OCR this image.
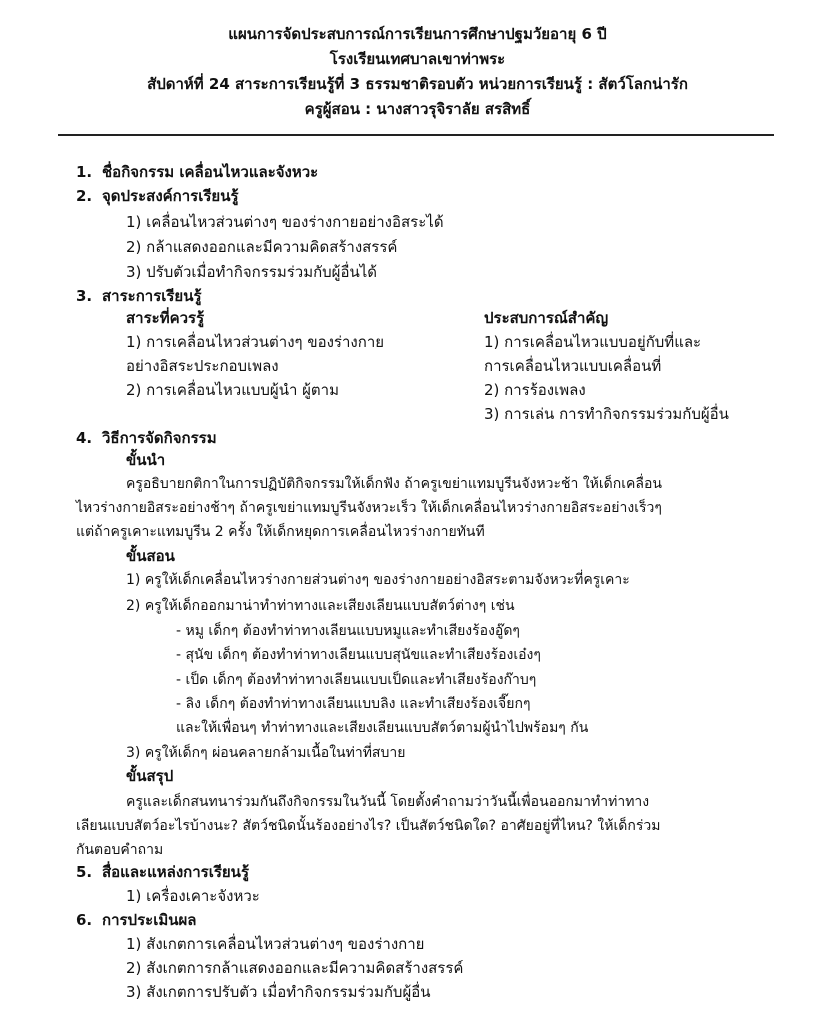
แผนการจัดประสบการณ์การเรียนการศึกษาปฐมวัยอายุ 6 ปี
โรงเรียนเทศบาลเขาท่าพระ
สัปดาห์ที่ 24 สาระการเรียนรู้ที่ 3 ธรรมชาติรอบตัว หน่วยการเรียนรู้ : สัตว์โลกน่ารัก
ครูผู้สอน : นางสาวรุจิราลัย สรสิทธิ์
1. ชื่อกิจกรรม เคลื่อนไหวและจังหวะ
2. จุดประสงค์การเรียนรู้
1) เคลื่อนไหวส่วนต่างๆ ของร่างกายอย่างอิสระได้
2) กล้าแสดงออกและมีความคิดสร้างสรรค์
3) ปรับตัวเมื่อทำกิจกรรมร่วมกับผู้อื่นได้
3. สาระการเรียนรู้
สาระที่ควรรู้
1) การเคลื่อนไหวส่วนต่างๆ ของร่างกาย
อย่างอิสระประกอบเพลง
2) การเคลื่อนไหวแบบผู้นำ ผู้ตาม
ประสบการณ์สำคัญ
1) การเคลื่อนไหวแบบอยู่กับที่และ
การเคลื่อนไหวแบบเคลื่อนที่
2) การร้องเพลง
3) การเล่น การทำกิจกรรมร่วมกับผู้อื่น
4. วิธีการจัดกิจกรรม
ขั้นนำ
ครูอธิบายกติกาในการปฏิบัติกิจกรรมให้เด็กฟัง ถ้าครูเขย่าแทมบูรีนจังหวะช้า ให้เด็กเคลื่อน
ไหวร่างกายอิสระอย่างช้าๆ ถ้าครูเขย่าแทมบูรีนจังหวะเร็ว ให้เด็กเคลื่อนไหวร่างกายอิสระอย่างเร็วๆ
แต่ถ้าครูเคาะแทมบูรีน 2 ครั้ง ให้เด็กหยุดการเคลื่อนไหวร่างกายทันที
ขั้นสอน
1) ครูให้เด็กเคลื่อนไหวร่างกายส่วนต่างๆ ของร่างกายอย่างอิสระตามจังหวะที่ครูเคาะ
2) ครูให้เด็กออกมาน่าทำท่าทางและเสียงเลียนแบบสัตว์ต่างๆ เช่น
- หมู เด็กๆ ต้องทำท่าทางเลียนแบบหมูและทำเสียงร้องอู๊ดๆ
- สุนัข เด็กๆ ต้องทำท่าทางเลียนแบบสุนัขและทำเสียงร้องเอ๋งๆ
- เป็ด เด็กๆ ต้องทำท่าทางเลียนแบบเป็ดและทำเสียงร้องก๊าบๆ
- ลิง เด็กๆ ต้องทำท่าทางเลียนแบบลิง และทำเสียงร้องเจี๊ยกๆ
และให้เพื่อนๆ ทำท่าทางและเสียงเลียนแบบสัตว์ตามผู้นำไปพร้อมๆ กัน
3) ครูให้เด็กๆ ผ่อนคลายกล้ามเนื้อในท่าที่สบาย
ขั้นสรุป
ครูและเด็กสนทนาร่วมกันถึงกิจกรรมในวันนี้ โดยตั้งคำถามว่าวันนี้เพื่อนออกมาทำท่าทาง
เลียนแบบสัตว์อะไรบ้างนะ? สัตว์ชนิดนั้นร้องอย่างไร? เป็นสัตว์ชนิดใด? อาศัยอยู่ที่ไหน? ให้เด็กร่วม
กันตอบคำถาม
5. สื่อและแหล่งการเรียนรู้
1) เครื่องเคาะจังหวะ
6. การประเมินผล
1) สังเกตการเคลื่อนไหวส่วนต่างๆ ของร่างกาย
2) สังเกตการกล้าแสดงออกและมีความคิดสร้างสรรค์
3) สังเกตการปรับตัว เมื่อทำกิจกรรมร่วมกับผู้อื่น
